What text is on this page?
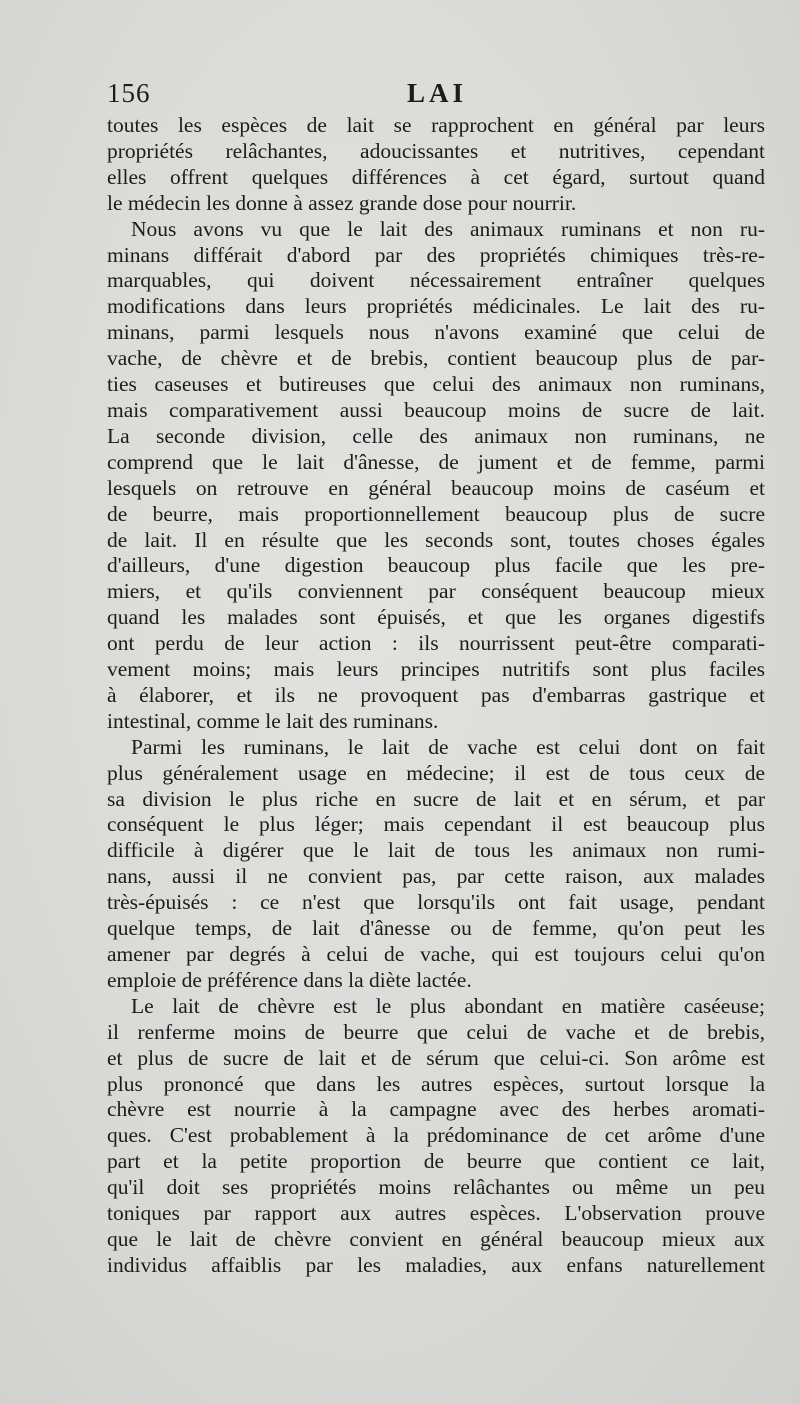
156	LAI
toutes les espèces de lait se rapprochent en général par leurs
propriétés relâchantes, adoucissantes et nutritives, cependant
elles offrent quelques différences à cet égard, surtout quand
le médecin les donne à assez grande dose pour nourrir.
Nous avons vu que le lait des animaux ruminans et non ru-
minans différait d'abord par des propriétés chimiques très-re-
marquables, qui doivent nécessairement entraîner quelques
modifications dans leurs propriétés médicinales. Le lait des ru-
minans, parmi lesquels nous n'avons examiné que celui de
vache, de chèvre et de brebis, contient beaucoup plus de par-
ties caseuses et butireuses que celui des animaux non ruminans,
mais comparativement aussi beaucoup moins de sucre de lait.
La seconde division, celle des animaux non ruminans, ne
comprend que le lait d'ânesse, de jument et de femme, parmi
lesquels on retrouve en général beaucoup moins de caséum et
de beurre, mais proportionnellement beaucoup plus de sucre
de lait. Il en résulte que les seconds sont, toutes choses égales
d'ailleurs, d'une digestion beaucoup plus facile que les pre-
miers, et qu'ils conviennent par conséquent beaucoup mieux
quand les malades sont épuisés, et que les organes digestifs
ont perdu de leur action : ils nourrissent peut-être comparati-
vement moins; mais leurs principes nutritifs sont plus faciles
à élaborer, et ils ne provoquent pas d'embarras gastrique et
intestinal, comme le lait des ruminans.
Parmi les ruminans, le lait de vache est celui dont on fait
plus généralement usage en médecine; il est de tous ceux de
sa division le plus riche en sucre de lait et en sérum, et par
conséquent le plus léger; mais cependant il est beaucoup plus
difficile à digérer que le lait de tous les animaux non rumi-
nans, aussi il ne convient pas, par cette raison, aux malades
très-épuisés : ce n'est que lorsqu'ils ont fait usage, pendant
quelque temps, de lait d'ânesse ou de femme, qu'on peut les
amener par degrés à celui de vache, qui est toujours celui qu'on
emploie de préférence dans la diète lactée.
Le lait de chèvre est le plus abondant en matière caséeuse;
il renferme moins de beurre que celui de vache et de brebis,
et plus de sucre de lait et de sérum que celui-ci. Son arôme est
plus prononcé que dans les autres espèces, surtout lorsque la
chèvre est nourrie à la campagne avec des herbes aromati-
ques. C'est probablement à la prédominance de cet arôme d'une
part et la petite proportion de beurre que contient ce lait,
qu'il doit ses propriétés moins relâchantes ou même un peu
toniques par rapport aux autres espèces. L'observation prouve
que le lait de chèvre convient en général beaucoup mieux aux
individus affaiblis par les maladies, aux enfans naturellement
